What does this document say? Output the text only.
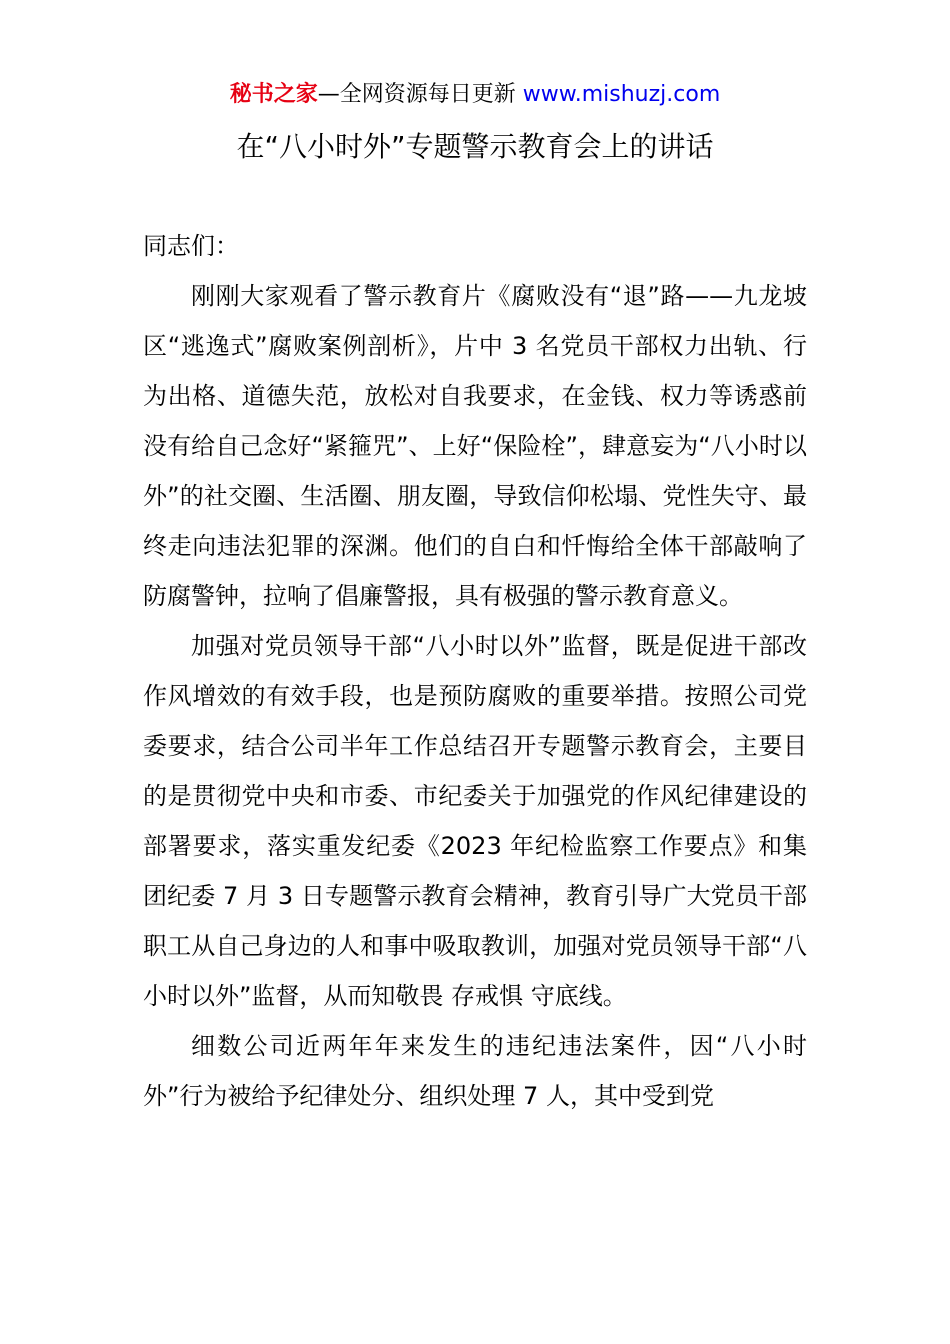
秘书之家—全网资源每日更新 www.mishuzj.com
在“八小时外”专题警示教育会上的讲话

同志们：

刚刚大家观看了警示教育片《腐败没有“退”路——九龙坡区“逃逸式”腐败案例剖析》，片中 3 名党员干部权力出轨、行为出格、道德失范，放松对自我要求，在金钱、权力等诱惑前没有给自己念好“紧箍咒”、上好“保险栓”，肆意妄为“八小时以外”的社交圈、生活圈、朋友圈，导致信仰松塌、党性失守、最终走向违法犯罪的深渊。他们的自白和忏悔给全体干部敲响了防腐警钟，拉响了倡廉警报，具有极强的警示教育意义。

加强对党员领导干部“八小时以外”监督，既是促进干部改作风增效的有效手段，也是预防腐败的重要举措。按照公司党委要求，结合公司半年工作总结召开专题警示教育会，主要目的是贯彻党中央和市委、市纪委关于加强党的作风纪律建设的部署要求，落实重发纪委《2023 年纪检监察工作要点》和集团纪委 7 月 3 日专题警示教育会精神，教育引导广大党员干部职工从自己身边的人和事中吸取教训，加强对党员领导干部“八小时以外”监督，从而知敬畏 存戒惧 守底线。

细数公司近两年年来发生的违纪违法案件，因“八小时外”行为被给予纪律处分、组织处理 7 人，其中受到党
